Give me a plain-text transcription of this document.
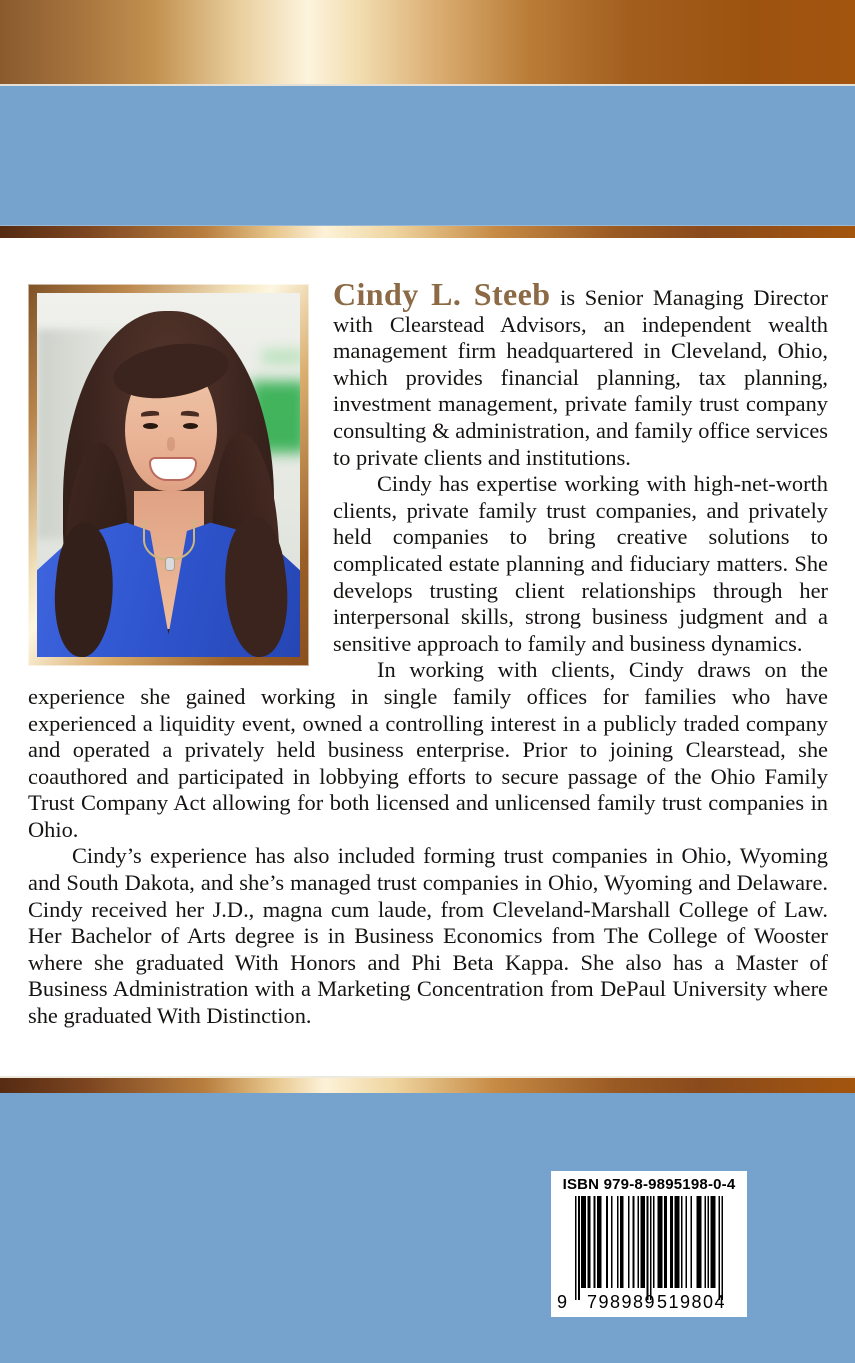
Cindy L. Steeb is Senior Managing Director with Clearstead Advisors, an independent wealth management firm headquartered in Cleveland, Ohio, which provides financial planning, tax planning, investment management, private family trust company consulting & administration, and family office services to private clients and institutions.

Cindy has expertise working with high-net-worth clients, private family trust companies, and privately held companies to bring creative solutions to complicated estate planning and fiduciary matters. She develops trusting client relationships through her interpersonal skills, strong business judgment and a sensitive approach to family and business dynamics.

In working with clients, Cindy draws on the experience she gained working in single family offices for families who have experienced a liquidity event, owned a controlling interest in a publicly traded company and operated a privately held business enterprise. Prior to joining Clearstead, she coauthored and participated in lobbying efforts to secure passage of the Ohio Family Trust Company Act allowing for both licensed and unlicensed family trust companies in Ohio.

Cindy’s experience has also included forming trust companies in Ohio, Wyoming and South Dakota, and she’s managed trust companies in Ohio, Wyoming and Delaware. Cindy received her J.D., magna cum laude, from Cleveland-Marshall College of Law. Her Bachelor of Arts degree is in Business Economics from The College of Wooster where she graduated With Honors and Phi Beta Kappa. She also has a Master of Business Administration with a Marketing Concentration from DePaul University where she graduated With Distinction.

ISBN 979-8-9895198-0-4
9 798989 519804
